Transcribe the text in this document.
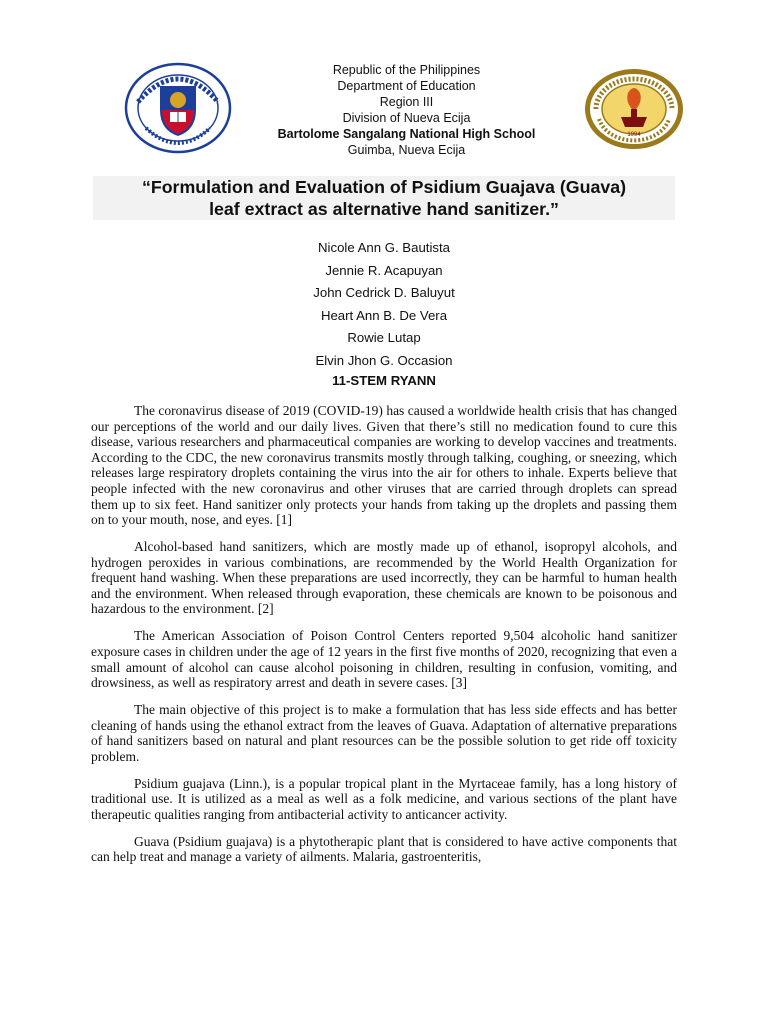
Republic of the Philippines
Department of Education
Region III
Division of Nueva Ecija
Bartolome Sangalang National High School
Guimba, Nueva Ecija
1994
“Formulation and Evaluation of Psidium Guajava (Guava)
leaf extract as alternative hand sanitizer.”
Nicole Ann G. Bautista
Jennie R. Acapuyan
John Cedrick D. Baluyut
Heart Ann B. De Vera
Rowie Lutap
Elvin Jhon G. Occasion
11-STEM RYANN

The coronavirus disease of 2019 (COVID-19) has caused a worldwide health crisis that has changed our perceptions of the world and our daily lives. Given that there’s still no medication found to cure this disease, various researchers and pharmaceutical companies are working to develop vaccines and treatments. According to the CDC, the new coronavirus transmits mostly through talking, coughing, or sneezing, which releases large respiratory droplets containing the virus into the air for others to inhale. Experts believe that people infected with the new coronavirus and other viruses that are carried through droplets can spread them up to six feet. Hand sanitizer only protects your hands from taking up the droplets and passing them on to your mouth, nose, and eyes. [1]

Alcohol-based hand sanitizers, which are mostly made up of ethanol, isopropyl alcohols, and hydrogen peroxides in various combinations, are recommended by the World Health Organization for frequent hand washing. When these preparations are used incorrectly, they can be harmful to human health and the environment. When released through evaporation, these chemicals are known to be poisonous and hazardous to the environment. [2]

The American Association of Poison Control Centers reported 9,504 alcoholic hand sanitizer exposure cases in children under the age of 12 years in the first five months of 2020, recognizing that even a small amount of alcohol can cause alcohol poisoning in children, resulting in confusion, vomiting, and drowsiness, as well as respiratory arrest and death in severe cases. [3]

The main objective of this project is to make a formulation that has less side effects and has better cleaning of hands using the ethanol extract from the leaves of Guava. Adaptation of alternative preparations of hand sanitizers based on natural and plant resources can be the possible solution to get ride off toxicity problem.

Psidium guajava (Linn.), is a popular tropical plant in the Myrtaceae family, has a long history of traditional use. It is utilized as a meal as well as a folk medicine, and various sections of the plant have therapeutic qualities ranging from antibacterial activity to anticancer activity.

Guava (Psidium guajava) is a phytotherapic plant that is considered to have active components that can help treat and manage a variety of ailments. Malaria, gastroenteritis,
